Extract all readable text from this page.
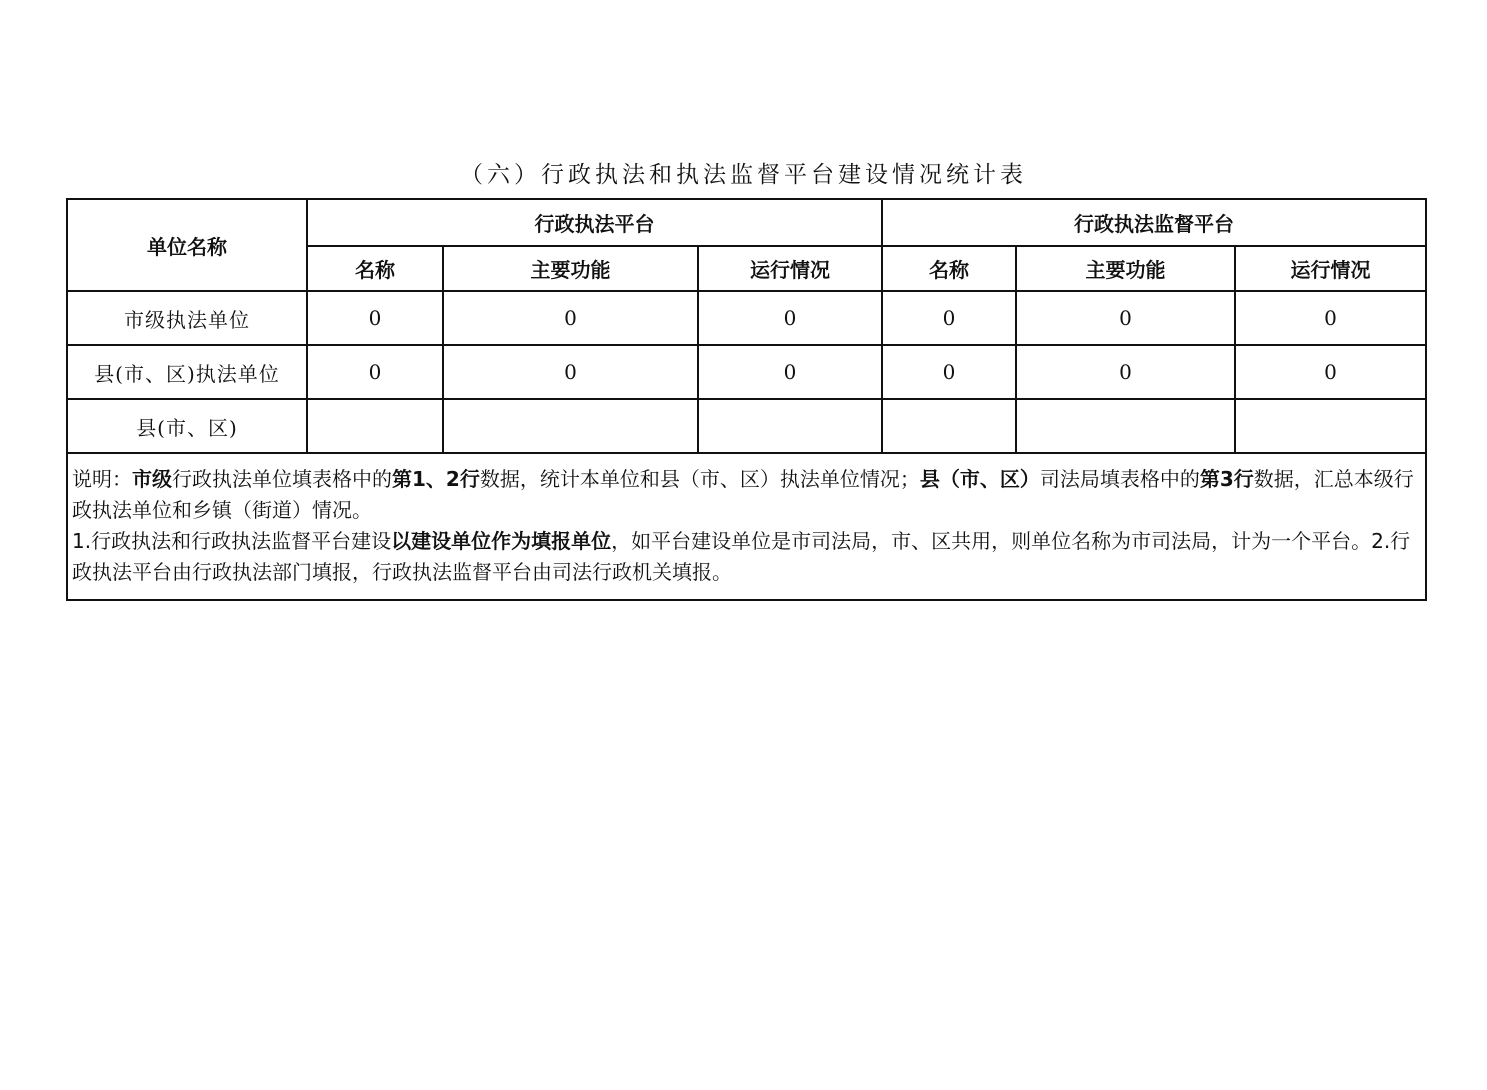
（六）行政执法和执法监督平台建设情况统计表
单位名称	行政执法平台			行政执法监督平台		
	名称	主要功能	运行情况	名称	主要功能	运行情况
市级执法单位	0	0	0	0	0	0
县(市、区)执法单位	0	0	0	0	0	0
县(市、区)						

说明：市级行政执法单位填表格中的第1、2行数据，统计本单位和县（市、区）执法单位情况；县（市、区）司法局填表格中的第3行数据，汇总本级行政执法单位和乡镇（街道）情况。
1.行政执法和行政执法监督平台建设以建设单位作为填报单位，如平台建设单位是市司法局，市、区共用，则单位名称为市司法局，计为一个平台。2.行政执法平台由行政执法部门填报，行政执法监督平台由司法行政机关填报。						
